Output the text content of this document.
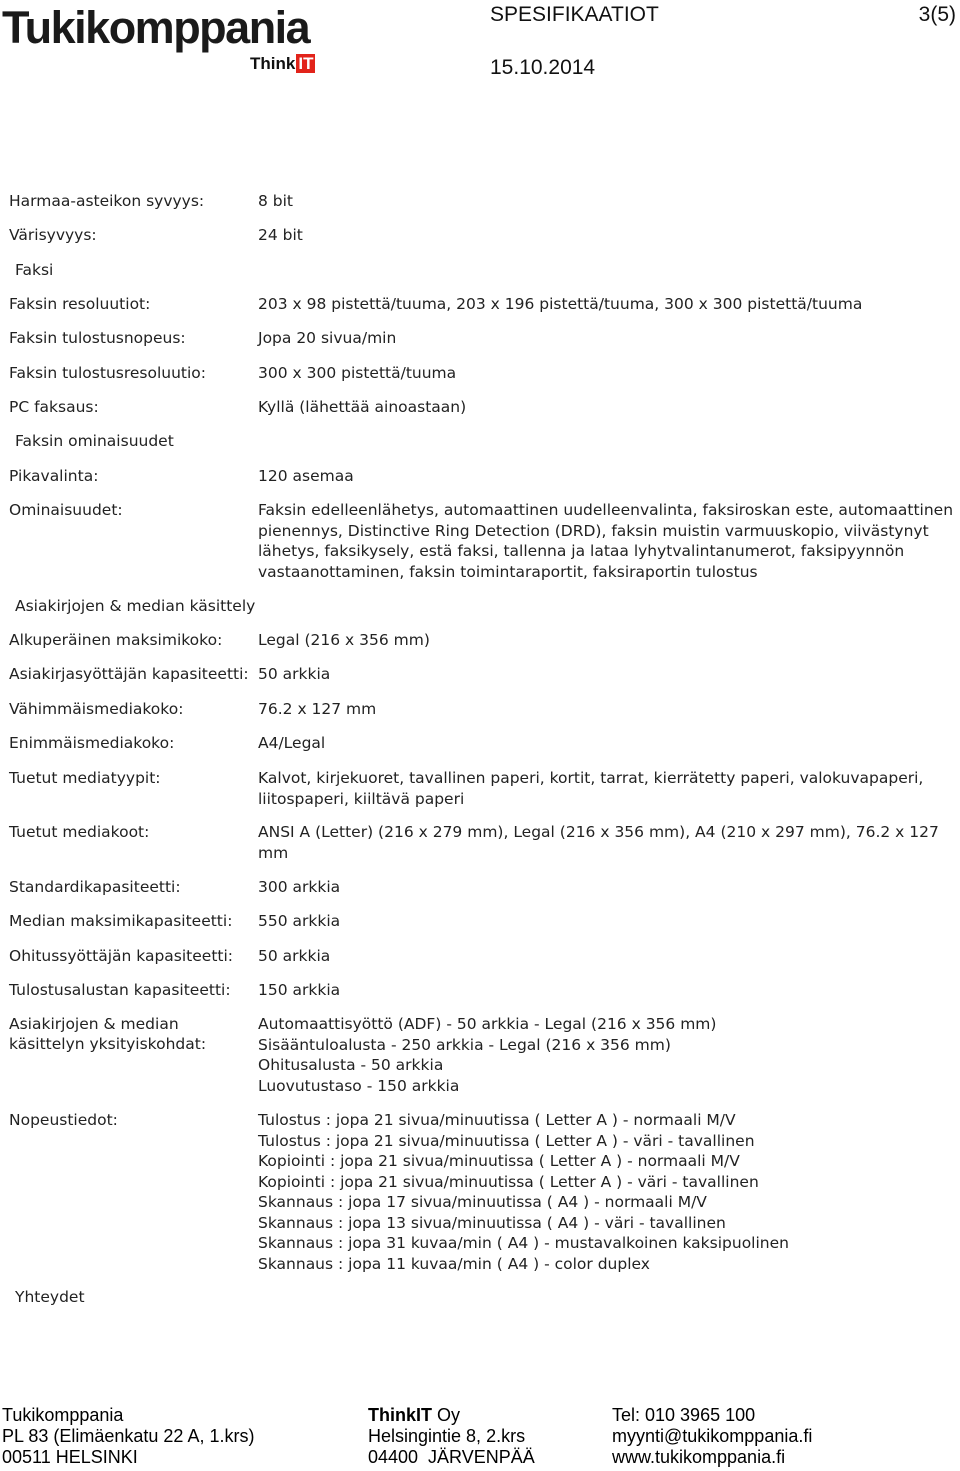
Tukikomppania
Think IT
SPESIFIKAATIOT	3(5)
15.10.2014
Harmaa-asteikon syvyys:	8 bit
Värisyvyys:	24 bit
Faksi
Faksin resoluutiot:	203 x 98 pistettä/tuuma, 203 x 196 pistettä/tuuma, 300 x 300 pistettä/tuuma
Faksin tulostusnopeus:	Jopa 20 sivua/min
Faksin tulostusresoluutio:	300 x 300 pistettä/tuuma
PC faksaus:	Kyllä (lähettää ainoastaan)
Faksin ominaisuudet
Pikavalinta:	120 asemaa
Ominaisuudet:	Faksin edelleenlähetys, automaattinen uudelleenvalinta, faksiroskan este, automaattinen
pienennys, Distinctive Ring Detection (DRD), faksin muistin varmuuskopio, viivästynyt
lähetys, faksikysely, estä faksi, tallenna ja lataa lyhytvalintanumerot, faksipyynnön
vastaanottaminen, faksin toimintaraportit, faksiraportin tulostus
Asiakirjojen & median käsittely
Alkuperäinen maksimikoko: Legal (216 x 356 mm)
Asiakirjasyöttäjän kapasiteetti: 50 arkkia
Vähimmäismediakoko:	76.2 x 127 mm
Enimmäismediakoko:	A4/Legal
Tuetut mediatyypit:	Kalvot, kirjekuoret, tavallinen paperi, kortit, tarrat, kierrätetty paperi, valokuvapaperi,
liitospaperi, kiiltävä paperi
Tuetut mediakoot:	ANSI A (Letter) (216 x 279 mm), Legal (216 x 356 mm), A4 (210 x 297 mm), 76.2 x 127
mm
Standardikapasiteetti:	300 arkkia
Median maksimikapasiteetti: 550 arkkia
Ohitussyöttäjän kapasiteetti: 50 arkkia
Tulostusalustan kapasiteetti: 150 arkkia
Asiakirjojen & median
käsittelyn yksityiskohdat:
Automaattisyöttö (ADF) - 50 arkkia - Legal (216 x 356 mm)
Sisääntuloalusta - 250 arkkia - Legal (216 x 356 mm)
Ohitusalusta - 50 arkkia
Luovutustaso - 150 arkkia
Nopeustiedot:	Tulostus : jopa 21 sivua/minuutissa ( Letter A ) - normaali M/V
Tulostus : jopa 21 sivua/minuutissa ( Letter A ) - väri - tavallinen
Kopiointi : jopa 21 sivua/minuutissa ( Letter A ) - normaali M/V
Kopiointi : jopa 21 sivua/minuutissa ( Letter A ) - väri - tavallinen
Skannaus : jopa 17 sivua/minuutissa ( A4 ) - normaali M/V
Skannaus : jopa 13 sivua/minuutissa ( A4 ) - väri - tavallinen
Skannaus : jopa 31 kuvaa/min ( A4 ) - mustavalkoinen kaksipuolinen
Skannaus : jopa 11 kuvaa/min ( A4 ) - color duplex
Yhteydet
Tukikomppania
PL 83 (Elimäenkatu 22 A, 1.krs)
00511 HELSINKI
ThinkIT Oy
Helsingintie 8, 2.krs
04400  JÄRVENPÄÄ
Tel: 010 3965 100
myynti@tukikomppania.fi
www.tukikomppania.fi
